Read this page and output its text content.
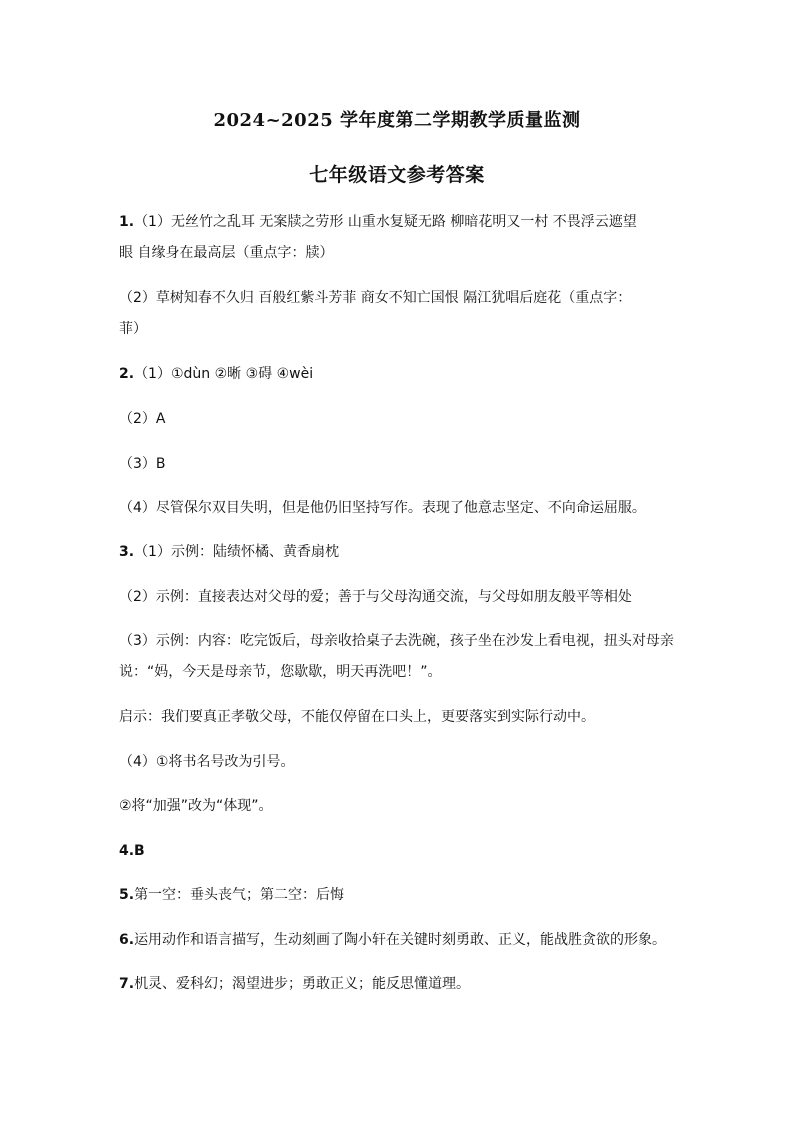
2024~2025 学年度第二学期教学质量监测
七年级语文参考答案
1.（1）无丝竹之乱耳 无案牍之劳形 山重水复疑无路 柳暗花明又一村 不畏浮云遮望
眼 自缘身在最高层（重点字：牍）
（2）草树知春不久归 百般红紫斗芳菲 商女不知亡国恨 隔江犹唱后庭花（重点字：
菲）
2.（1）①dùn ②晰 ③碍 ④wèi
（2）A
（3）B
（4）尽管保尔双目失明，但是他仍旧坚持写作。表现了他意志坚定、不向命运屈服。
3.（1）示例：陆绩怀橘、黄香扇枕
（2）示例：直接表达对父母的爱；善于与父母沟通交流，与父母如朋友般平等相处
（3）示例：内容：吃完饭后，母亲收拾桌子去洗碗，孩子坐在沙发上看电视，扭头对母亲
说：“妈，今天是母亲节，您歇歇，明天再洗吧！”。
启示：我们要真正孝敬父母，不能仅停留在口头上，更要落实到实际行动中。
（4）①将书名号改为引号。
②将“加强”改为“体现”。
4.B
5.第一空：垂头丧气；第二空：后悔
6.运用动作和语言描写，生动刻画了陶小轩在关键时刻勇敢、正义，能战胜贪欲的形象。
7.机灵、爱科幻；渴望进步；勇敢正义；能反思懂道理。
